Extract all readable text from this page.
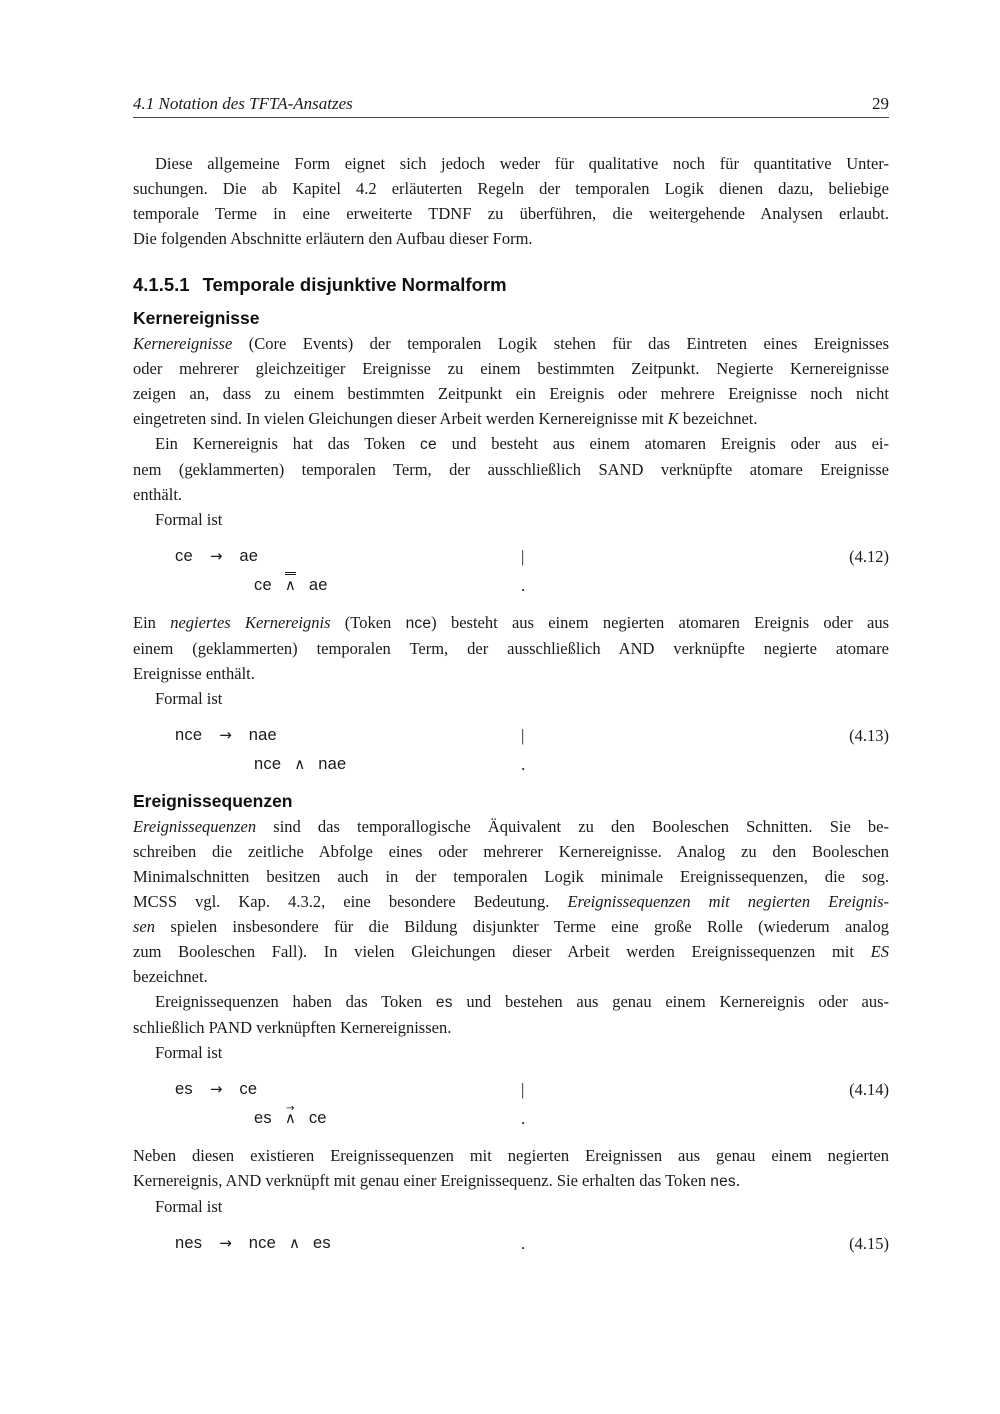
4.1 Notation des TFTA-Ansatzes	29
Diese allgemeine Form eignet sich jedoch weder für qualitative noch für quantitative Unter-
suchungen. Die ab Kapitel 4.2 erläuterten Regeln der temporalen Logik dienen dazu, beliebige
temporale Terme in eine erweiterte TDNF zu überführen, die weitergehende Analysen erlaubt.
Die folgenden Abschnitte erläutern den Aufbau dieser Form.
4.1.5.1 Temporale disjunktive Normalform
Kernereignisse
Kernereignisse (Core Events) der temporalen Logik stehen für das Eintreten eines Ereignisses
oder mehrerer gleichzeitiger Ereignisse zu einem bestimmten Zeitpunkt. Negierte Kernereignisse
zeigen an, dass zu einem bestimmten Zeitpunkt ein Ereignis oder mehrere Ereignisse noch nicht
eingetreten sind. In vielen Gleichungen dieser Arbeit werden Kernereignisse mit K bezeichnet.
Ein Kernereignis hat das Token ce und besteht aus einem atomaren Ereignis oder aus ei-
nem (geklammerten) temporalen Term, der ausschließlich SAND verknüpfte atomare Ereignisse
enthält.
Formal ist
ce → ae	|	(4.12)
ce ∧ ae	.
Ein negiertes Kernereignis (Token nce) besteht aus einem negierten atomaren Ereignis oder aus
einem (geklammerten) temporalen Term, der ausschließlich AND verknüpfte negierte atomare
Ereignisse enthält.
Formal ist
nce → nae	|	(4.13)
nce ∧ nae	.
Ereignissequenzen
Ereignissequenzen sind das temporallogische Äquivalent zu den Booleschen Schnitten. Sie be-
schreiben die zeitliche Abfolge eines oder mehrerer Kernereignisse. Analog zu den Booleschen
Minimalschnitten besitzen auch in der temporalen Logik minimale Ereignissequenzen, die sog.
MCSS vgl. Kap. 4.3.2, eine besondere Bedeutung. Ereignissequenzen mit negierten Ereignis-
sen spielen insbesondere für die Bildung disjunkter Terme eine große Rolle (wiederum analog
zum Booleschen Fall). In vielen Gleichungen dieser Arbeit werden Ereignissequenzen mit ES
bezeichnet.
Ereignissequenzen haben das Token es und bestehen aus genau einem Kernereignis oder aus-
schließlich PAND verknüpften Kernereignissen.
Formal ist
es → ce	|	(4.14)
es → ∧ ce	.
Neben diesen existieren Ereignissequenzen mit negierten Ereignissen aus genau einem negierten
Kernereignis, AND verknüpft mit genau einer Ereignissequenz. Sie erhalten das Token nes.
Formal ist
nes → nce ∧ es	.	(4.15)
